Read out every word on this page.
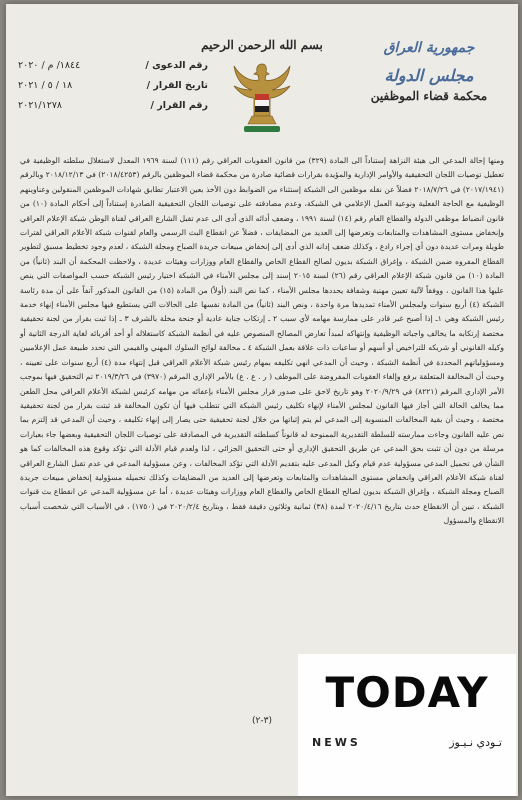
بسم الله الرحمن الرحيم	جمهورية العراق
مجلس الدولة
محكمة قضاء الموظفين
رقم الدعوى /
١٨٤٤/ م / ٢٠٢٠
تاريخ القرار /
١٨ / ٥ / ٢٠٢١
رقم القرار /
٢٠٢١/١٢٧٨

ومنها إحالة المدعي الى هيئة النزاهة إستناداً الى المادة (٣٢٩) من قانون العقوبات العراقي رقم (١١١) لسنة ١٩٦٩ المعدل لاستغلال سلطته الوظيفية في تعطيل توصيات اللجان التحقيقية والأوامر الإدارية والمؤيدة بقرارات قضائية صادرة من محكمة قضاء الموظفين بالرقم (٢٠١٨/٤٢٥٣) في ٢٠١٨/١٢/١٣ وبالرقم (٢٠١٧/١٩٤١) في ٢٠١٨/٧/٢٦ فضلاً عن نقله موظفين الى الشبكة إستثناء من الضوابط دون الأخذ بعين الاعتبار تطابق شهادات الموظفين المنقولين وعناوينهم الوظيفية مع الحاجة الفعلية ونوعية العمل الإعلامي في الشبكة، وعدم مصادقته على توصيات اللجان التحقيقية الصادرة إستناداً إلى أحكام المادة (١٠) من قانون انضباط موظفي الدولة والقطاع العام رقم (١٤) لسنة ١٩٩١ ، وضعف أدائه الذي أدى الى عدم تقبل الشارع العراقي لقناة الوطن شبكة الإعلام العراقي وإنخفاض مستوى المشاهدات والمتابعات وتعرضها إلى العديد من المضايقات ، فضلاً عن انقطاع البث الرسمي والعام لقنوات شبكة الأعلام العراقي لفترات طويلة ومرات عديدة دون أي إجراء رادع ، وكذلك ضعف إدانه الذي أدى إلى إنخفاض مبيعات جريدة الصباح ومجلة الشبكة ، لعدم وجود تخطيط مسبق لتطوير القطاع المفروه ضمن الشبكة ، وإغراق الشبكة بديون لصالح القطاع الخاص والقطاع العام ووزارات وهيئات عديدة ، ولاحظت المحكمة أن البند (ثانياً) من المادة (١٠) من قانون شبكة الإعلام العراقي رقم (٢٦) لسنة ٢٠١٥ إسند إلى مجلس الأمناء في الشبكة اختيار رئيس الشبكة حسب المواصفات التي ينص عليها هذا القانون ، ووفقاً لآلية تعيين مهنية وشفافة يحددها مجلس الأمناء ، كما نص البند (أولاً) من المادة (١٥) من القانون المذكور آنفاً على أن مدة رئاسة الشبكة (٤) أربع سنوات ولمجلس الأمناء تمديدها مرة واحدة ، ونص البند (ثانياً) من المادة نفسها على الحالات التي يستطيع فيها مجلس الأمناء إنهاء خدمة رئيس الشبكة وهي ١ـ إذا أصبح غير قادر على ممارسة مهامه لأي سبب ٢ ـ إرتكاب جناية عادية أو جنحة مخلة بالشرف ٣ ـ إذا ثبت بقرار من لجنة تحقيقية مختصة إرتكابه ما يخالف واجباته الوظيفية وإنتهاكه لمبدأ تعارض المصالح المنصوص عليه في أنظمة الشبكة كاستغلاله أو أحد أقربائه لغاية الدرجة الثانية أو وكيله القانوني أو شريكه للتراخيص أو أسهم أو ساعيات ذات علاقة بعمل الشبكة ٤ ـ مخالفة لوائح السلوك المهني والقيمي التي تحدد طبيعة عمل الإعلاميين ومسؤولياتهم المحددة في أنظمة الشبكة ، وحيث أن المدعي انهي تكليفه بمهام رئيس شبكة الأعلام العراقي قبل إنتهاء مدة (٤) أربع سنوات على تعيينه ، وحيث أن المخالفة المتعلقة برفع وإلغاء العقوبات المفروضة على الموظف ( ر . ع . ع) بالأمر الإداري المرقم (٣٩٧٠) في ٢٠١٩/٣/٢٦ تم التحقيق فيها بموجب الأمر الإداري المرقم (٨٢٢١) في ٢٠٢٠/٩/٢٩ وهو تاريخ لاحق على صدور قرار مجلس الأمناء بإعفائه من مهامه كرئيس لشبكة الأعلام العراقي محل الطعن مما يخالف الحالة التي أجاز فيها القانون لمجلس الأمناء لإنهاء تكليف رئيس الشبكة التي تتطلب فيها أن تكون المخالفة قد ثبتت بقرار من لجنة تحقيقية مختصة ، وحيث أن بقية المخالفات المنسوبة إلى المدعي لم يتم إثباتها من خلال لجنة تحقيقية حتى يصار إلى إنهاء تكليفه ، وحيث أن المدعي قد إلتزم بما نص عليه القانون وجاءت ممارسته للسلطة التقديرية الممنوحة له قانوناً كسلطته التقديرية في المصادقة على توصيات اللجان التحقيقية وبعضها جاء بعبارات مرسلة من دون أن تثبت بحق المدعي عن طريق التحقيق الإداري أو حتى التحقيق الجزائي ، لذا ولعدم قيام الأدلة التي تؤكد وقوع هذه المخالفات كما هو الشأن في تحميل المدعي مسؤولية عدم قيام وكيل المدعى عليه بتقديم الأدلة التي تؤكد المخالفات ، وعن مسؤولية المدعي في عدم تقبل الشارع العراقي لقناة شبكة الأعلام العراقي وانخفاض مستوى المشاهدات والمتابعات وتعرضها إلى العديد من المضايقات وكذلك تحميله مسؤولية إنخفاض مبيعات جريدة الصباح ومجلة الشبكة ، وإغراق الشبكة بديون لصالح القطاع الخاص والقطاع العام ووزارات وهيئات عديدة ، أما عن مسؤولية المدعي عن انقطاع بث قنوات الشبكة ، تبين أن الانقطاع حدث بتاريخ ٢٠٢٠/٤/١٦ لمدة (٣٨) ثمانية وثلاثون دقيقة فقط ، وبتاريخ ٢٠٢٠/٢/٤ في (١٧٥٠) ، في الأسباب التي شخصت أسباب الانقطاع والمسؤول

(٣-٢)
TODAY
NEWS	تـودي نـيـوز
